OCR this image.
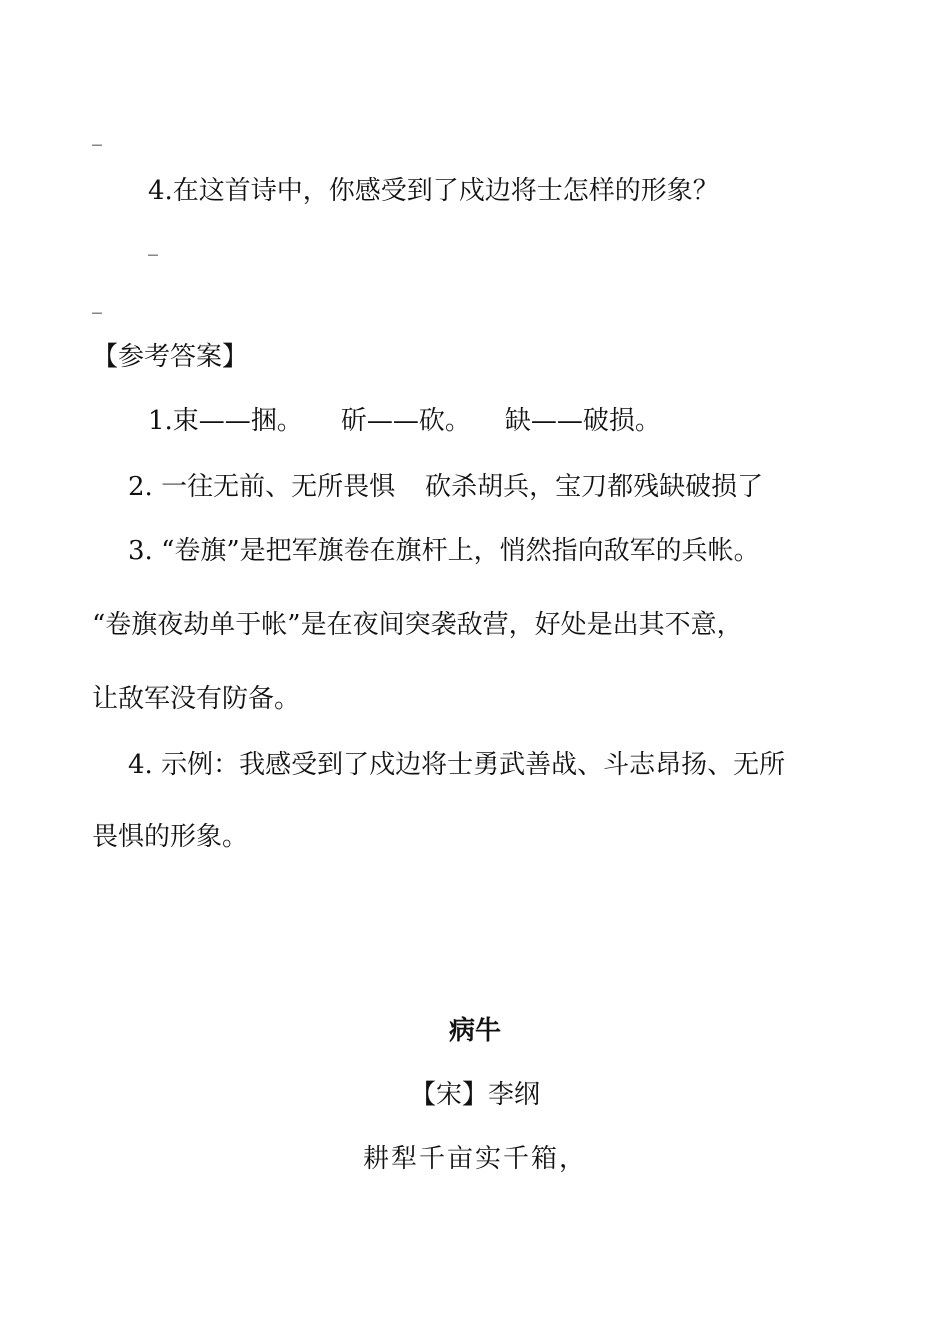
_
4.在这首诗中，你感受到了戍边将士怎样的形象？
_
_
【参考答案】
1.束——捆。 斫——砍。 缺——破损。
2. 一往无前、无所畏惧 砍杀胡兵，宝刀都残缺破损了
3. “卷旗”是把军旗卷在旗杆上，悄然指向敌军的兵帐。
“卷旗夜劫单于帐”是在夜间突袭敌营，好处是出其不意，
让敌军没有防备。
4. 示例：我感受到了戍边将士勇武善战、斗志昂扬、无所
畏惧的形象。
病牛
【宋】李纲
耕犁千亩实千箱，
